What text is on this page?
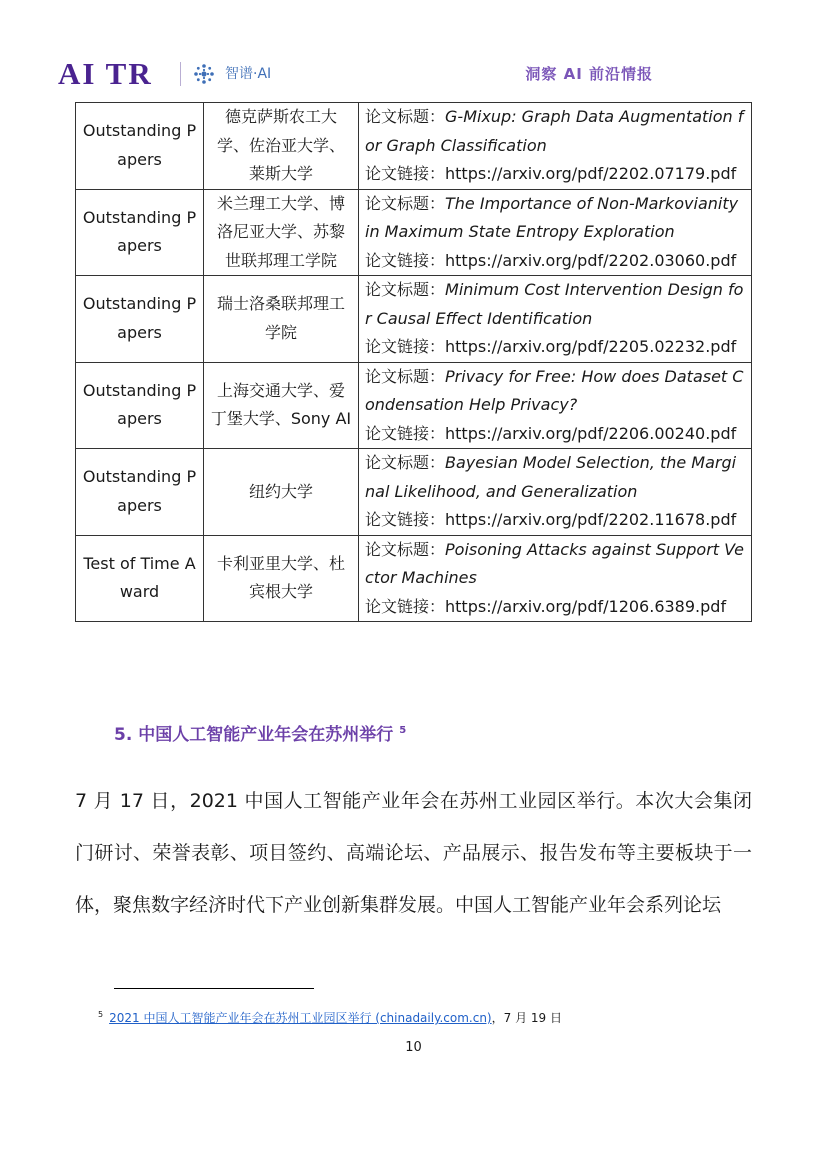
AI TR	智谱·AI	洞察 AI 前沿情报
Outstanding Papers	德克萨斯农工大学、佐治亚大学、莱斯大学	论文标题：G-Mixup: Graph Data Augmentation for Graph Classification
论文链接：https://arxiv.org/pdf/2202.07179.pdf

Outstanding Papers	米兰理工大学、博洛尼亚大学、苏黎世联邦理工学院	论文标题：The Importance of Non-Markovianity in Maximum State Entropy Exploration
论文链接：https://arxiv.org/pdf/2202.03060.pdf

Outstanding Papers	瑞士洛桑联邦理工学院	论文标题：Minimum Cost Intervention Design for Causal Effect Identification
论文链接：https://arxiv.org/pdf/2205.02232.pdf

Outstanding Papers	上海交通大学、爱丁堡大学、Sony AI	论文标题：Privacy for Free: How does Dataset Condensation Help Privacy?
论文链接：https://arxiv.org/pdf/2206.00240.pdf

Outstanding Papers	纽约大学	论文标题：Bayesian Model Selection, the Marginal Likelihood, and Generalization
论文链接：https://arxiv.org/pdf/2202.11678.pdf

Test of Time Award	卡利亚里大学、杜宾根大学	论文标题：Poisoning Attacks against Support Vector Machines
论文链接：https://arxiv.org/pdf/1206.6389.pdf
5. 中国人工智能产业年会在苏州举行 $^5$
7 月 17 日，2021 中国人工智能产业年会在苏州工业园区举行。本次大会集闭门研讨、荣誉表彰、项目签约、高端论坛、产品展示、报告发布等主要板块于一体，聚焦数字经济时代下产业创新集群发展。中国人工智能产业年会系列论坛
$^5$ 2021 中国人工智能产业年会在苏州工业园区举行 (chinadaily.com.cn)，7 月 19 日
10
